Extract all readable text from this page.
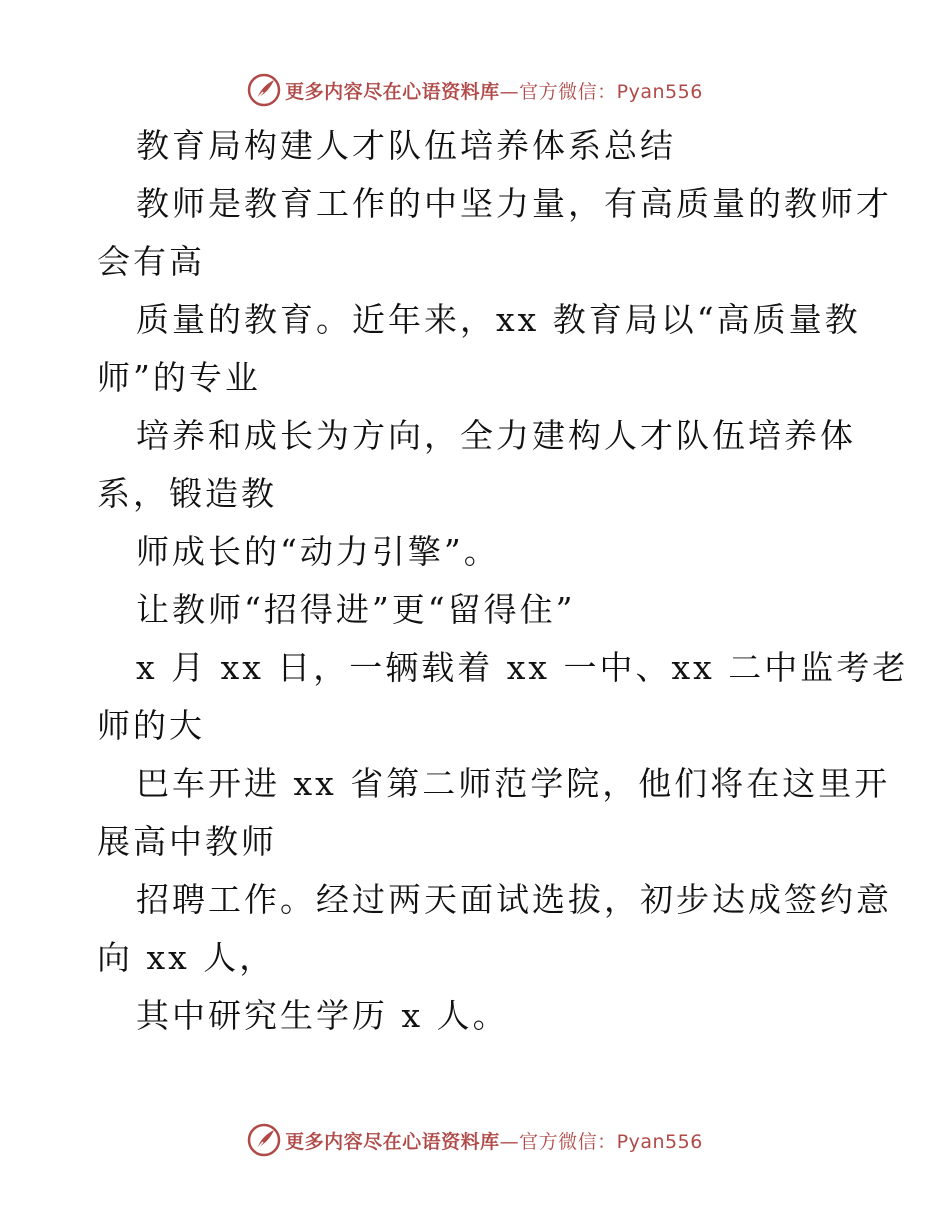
更多内容尽在心语资料库—官方微信：Pyan556
教育局构建人才队伍培养体系总结
教师是教育工作的中坚力量，有高质量的教师才
会有高
质量的教育。近年来，xx 教育局以“高质量教
师”的专业
培养和成长为方向，全力建构人才队伍培养体
系，锻造教
师成长的“动力引擎”。
让教师“招得进”更“留得住”
x 月 xx 日，一辆载着 xx 一中、xx 二中监考老
师的大
巴车开进 xx 省第二师范学院，他们将在这里开
展高中教师
招聘工作。经过两天面试选拔，初步达成签约意
向 xx 人，
其中研究生学历 x 人。
更多内容尽在心语资料库—官方微信：Pyan556
